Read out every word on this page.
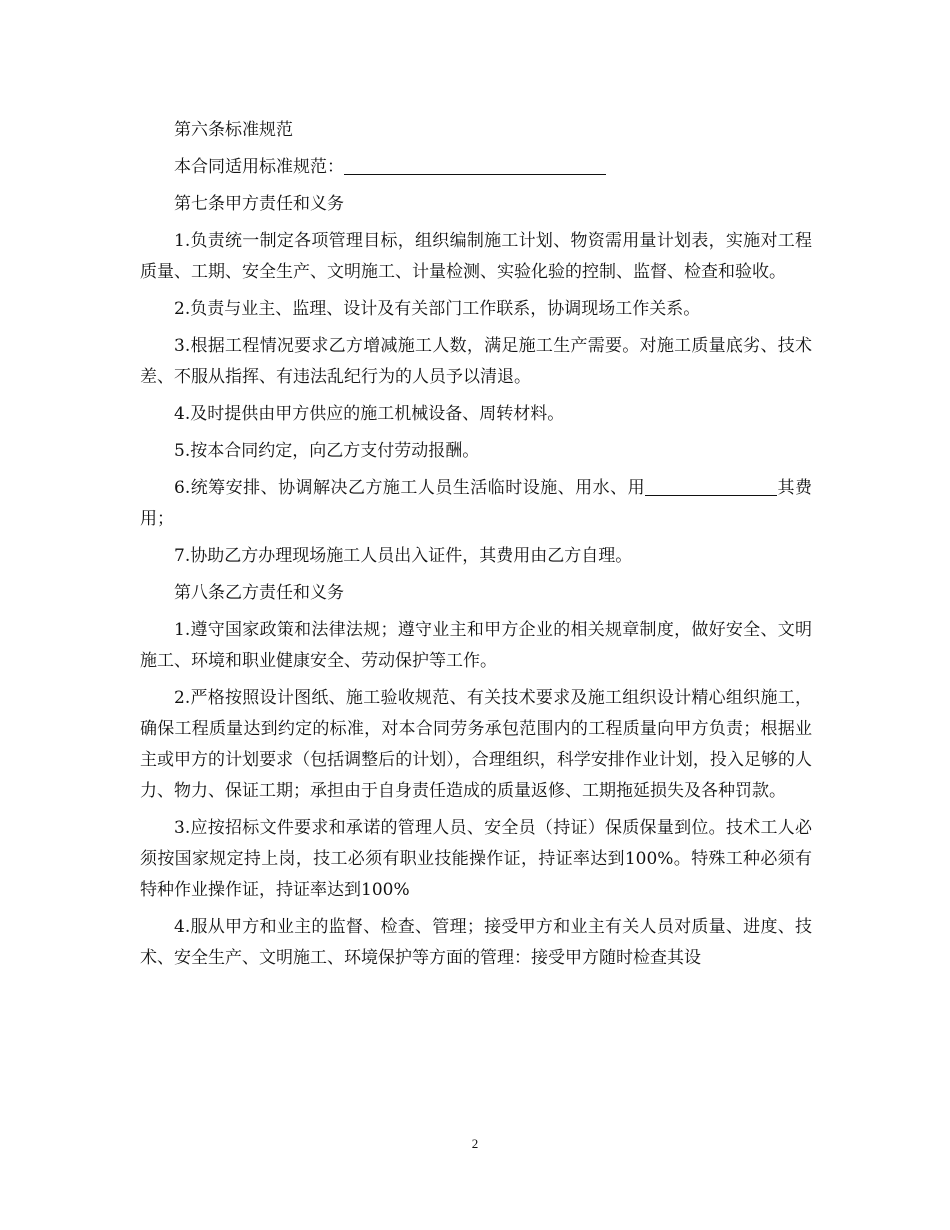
第六条标准规范

本合同适用标准规范：

第七条甲方责任和义务

1.负责统一制定各项管理目标，组织编制施工计划、物资需用量计划表，实施对工程质量、工期、安全生产、文明施工、计量检测、实验化验的控制、监督、检查和验收。

2.负责与业主、监理、设计及有关部门工作联系，协调现场工作关系。

3.根据工程情况要求乙方增减施工人数，满足施工生产需要。对施工质量底劣、技术差、不服从指挥、有违法乱纪行为的人员予以清退。

4.及时提供由甲方供应的施工机械设备、周转材料。

5.按本合同约定，向乙方支付劳动报酬。

6.统筹安排、协调解决乙方施工人员生活临时设施、用水、用	其费用；

7.协助乙方办理现场施工人员出入证件，其费用由乙方自理。

第八条乙方责任和义务

1.遵守国家政策和法律法规；遵守业主和甲方企业的相关规章制度，做好安全、文明施工、环境和职业健康安全、劳动保护等工作。

2.严格按照设计图纸、施工验收规范、有关技术要求及施工组织设计精心组织施工，确保工程质量达到约定的标准，对本合同劳务承包范围内的工程质量向甲方负责；根据业主或甲方的计划要求（包括调整后的计划），合理组织，科学安排作业计划，投入足够的人力、物力、保证工期；承担由于自身责任造成的质量返修、工期拖延损失及各种罚款。

3.应按招标文件要求和承诺的管理人员、安全员（持证）保质保量到位。技术工人必须按国家规定持上岗，技工必须有职业技能操作证，持证率达到100%。特殊工种必须有特种作业操作证，持证率达到100%

4.服从甲方和业主的监督、检查、管理；接受甲方和业主有关人员对质量、进度、技术、安全生产、文明施工、环境保护等方面的管理：接受甲方随时检查其设

2
